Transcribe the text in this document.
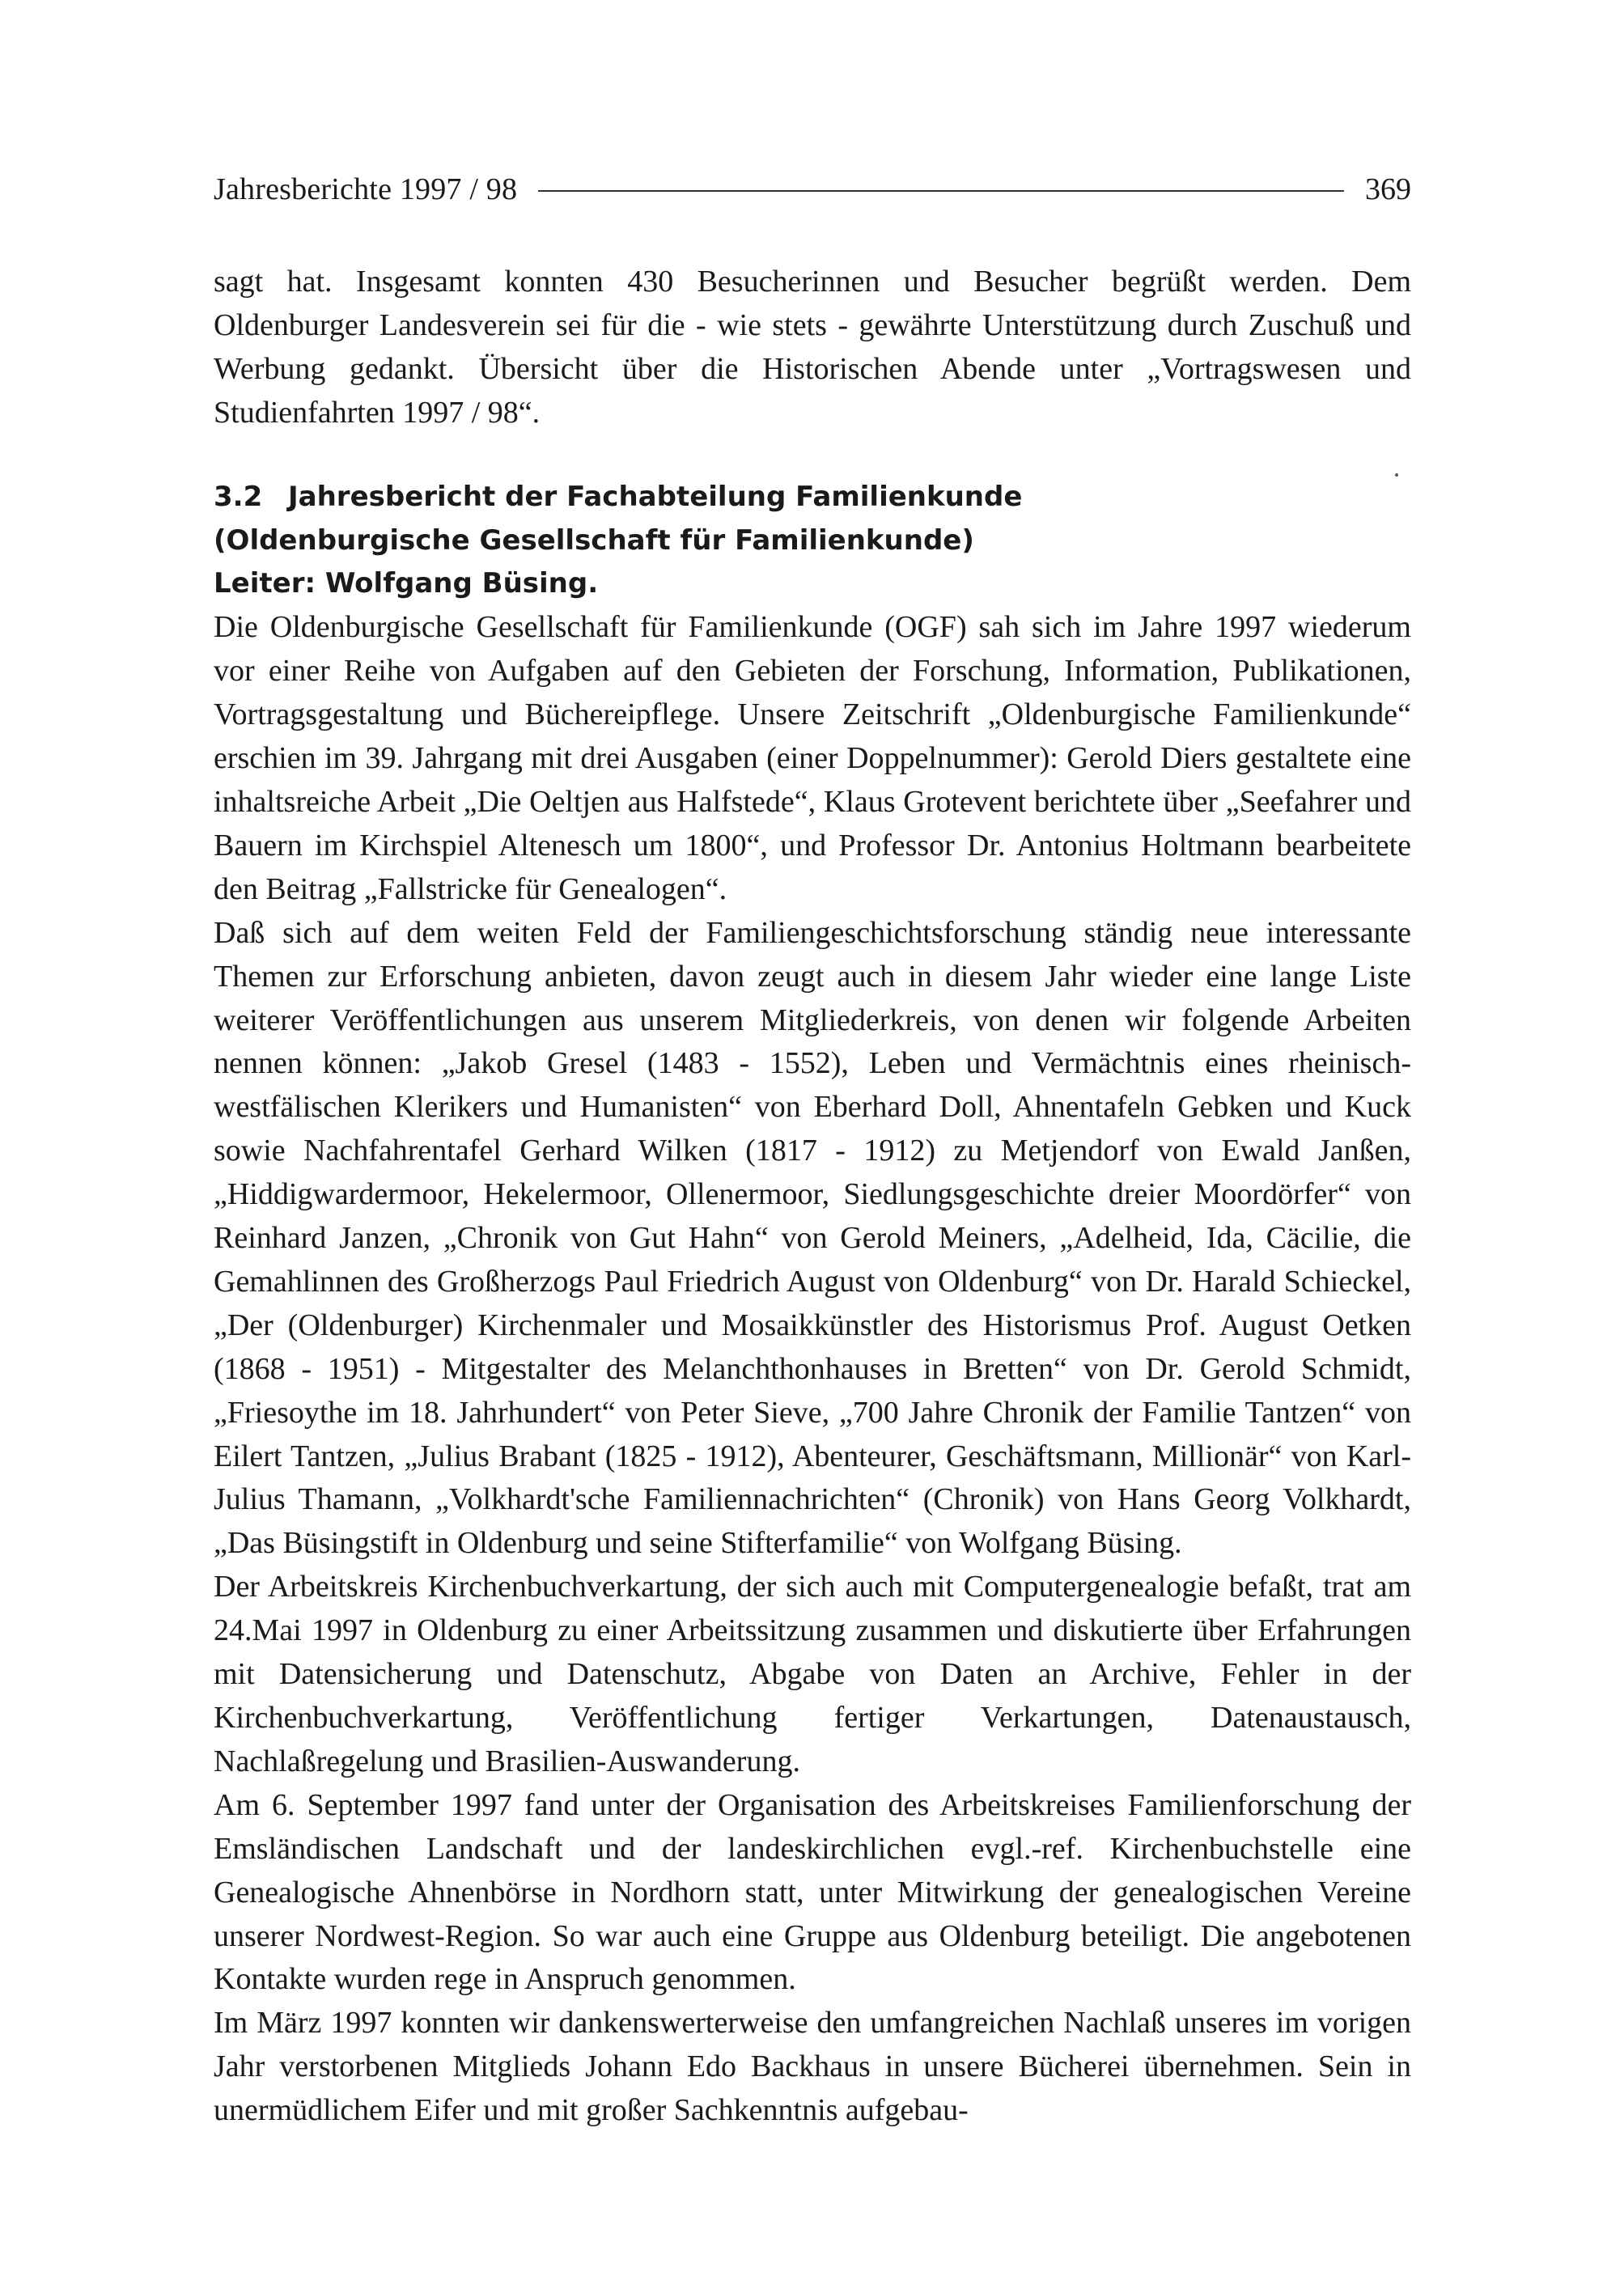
Jahresberichte 1997 / 98	369

sagt hat. Insgesamt konnten 430 Besucherinnen und Besucher begrüßt werden. Dem Oldenburger Landesverein sei für die - wie stets - gewährte Unterstützung durch Zuschuß und Werbung gedankt. Übersicht über die Historischen Abende unter „Vortragswesen und Studienfahrten 1997 / 98“.

3.2 Jahresbericht der Fachabteilung Familienkunde
(Oldenburgische Gesellschaft für Familienkunde)
Leiter: Wolfgang Büsing.

Die Oldenburgische Gesellschaft für Familienkunde (OGF) sah sich im Jahre 1997 wiederum vor einer Reihe von Aufgaben auf den Gebieten der Forschung, Information, Publikationen, Vortragsgestaltung und Büchereipflege. Unsere Zeitschrift „Oldenburgische Familienkunde“ erschien im 39. Jahrgang mit drei Ausgaben (einer Doppelnummer): Gerold Diers gestaltete eine inhaltsreiche Arbeit „Die Oeltjen aus Halfstede“, Klaus Grotevent berichtete über „Seefahrer und Bauern im Kirchspiel Altenesch um 1800“, und Professor Dr. Antonius Holtmann bearbeitete den Beitrag „Fallstricke für Genealogen“.

Daß sich auf dem weiten Feld der Familiengeschichtsforschung ständig neue interessante Themen zur Erforschung anbieten, davon zeugt auch in diesem Jahr wieder eine lange Liste weiterer Veröffentlichungen aus unserem Mitgliederkreis, von denen wir folgende Arbeiten nennen können: „Jakob Gresel (1483 - 1552), Leben und Vermächtnis eines rheinisch-westfälischen Klerikers und Humanisten“ von Eberhard Doll, Ahnentafeln Gebken und Kuck sowie Nachfahrentafel Gerhard Wilken (1817 - 1912) zu Metjendorf von Ewald Janßen, „Hiddigwardermoor, Hekelermoor, Ollenermoor, Siedlungsgeschichte dreier Moordörfer“ von Reinhard Janzen, „Chronik von Gut Hahn“ von Gerold Meiners, „Adelheid, Ida, Cäcilie, die Gemahlinnen des Großherzogs Paul Friedrich August von Oldenburg“ von Dr. Harald Schieckel, „Der (Oldenburger) Kirchenmaler und Mosaikkünstler des Historismus Prof. August Oetken (1868 - 1951) - Mitgestalter des Melanchthonhauses in Bretten“ von Dr. Gerold Schmidt, „Friesoythe im 18. Jahrhundert“ von Peter Sieve, „700 Jahre Chronik der Familie Tantzen“ von Eilert Tantzen, „Julius Brabant (1825 - 1912), Abenteurer, Geschäftsmann, Millionär“ von Karl-Julius Thamann, „Volkhardt'sche Familiennachrichten“ (Chronik) von Hans Georg Volkhardt, „Das Büsingstift in Oldenburg und seine Stifterfamilie“ von Wolfgang Büsing.

Der Arbeitskreis Kirchenbuchverkartung, der sich auch mit Computergenealogie befaßt, trat am 24.Mai 1997 in Oldenburg zu einer Arbeitssitzung zusammen und diskutierte über Erfahrungen mit Datensicherung und Datenschutz, Abgabe von Daten an Archive, Fehler in der Kirchenbuchverkartung, Veröffentlichung fertiger Verkartungen, Datenaustausch, Nachlaßregelung und Brasilien-Auswanderung.

Am 6. September 1997 fand unter der Organisation des Arbeitskreises Familienforschung der Emsländischen Landschaft und der landeskirchlichen evgl.-ref. Kirchenbuchstelle eine Genealogische Ahnenbörse in Nordhorn statt, unter Mitwirkung der genealogischen Vereine unserer Nordwest-Region. So war auch eine Gruppe aus Oldenburg beteiligt. Die angebotenen Kontakte wurden rege in Anspruch genommen.

Im März 1997 konnten wir dankenswerterweise den umfangreichen Nachlaß unseres im vorigen Jahr verstorbenen Mitglieds Johann Edo Backhaus in unsere Bücherei übernehmen. Sein in unermüdlichem Eifer und mit großer Sachkenntnis aufgebau-
